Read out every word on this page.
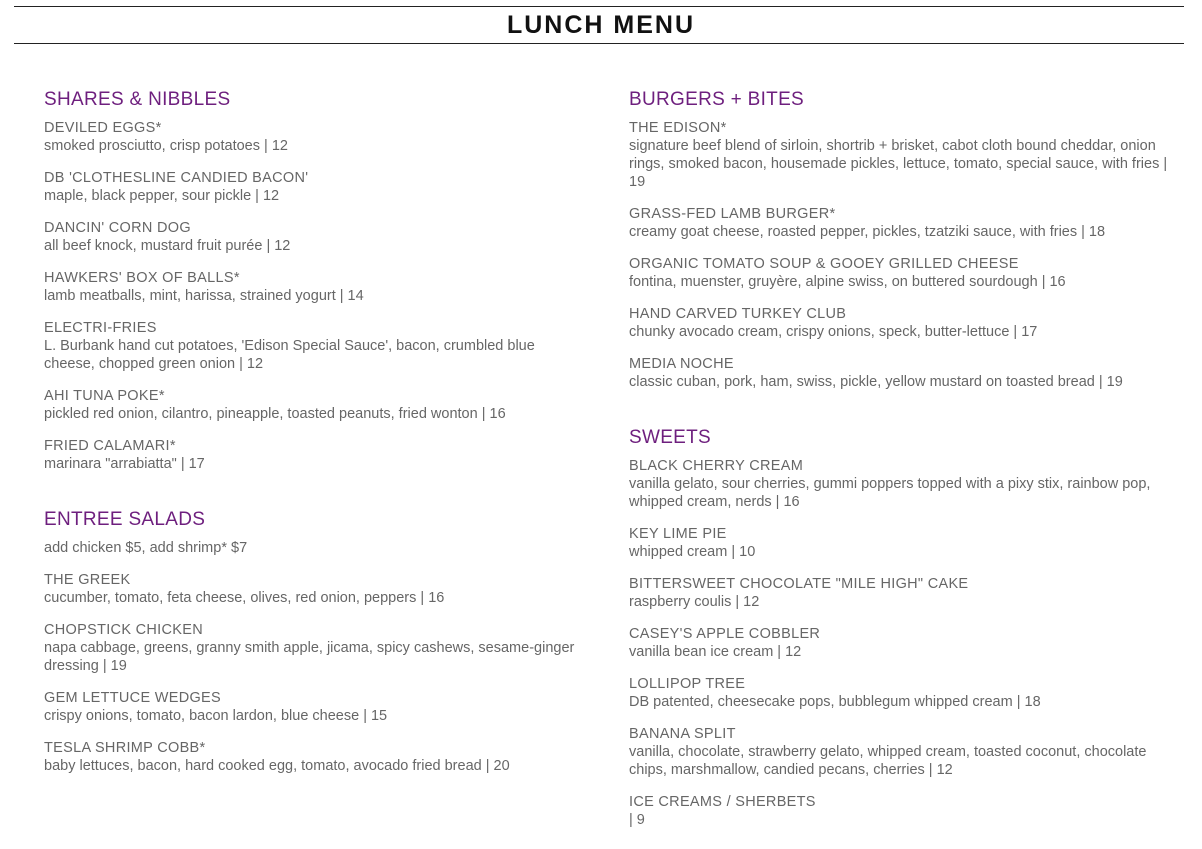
LUNCH MENU
SHARES & NIBBLES
DEVILED EGGS*
smoked prosciutto, crisp potatoes | 12
DB 'CLOTHESLINE CANDIED BACON'
maple, black pepper, sour pickle | 12
DANCIN' CORN DOG
all beef knock, mustard fruit purée | 12
HAWKERS' BOX OF BALLS*
lamb meatballs, mint, harissa, strained yogurt | 14
ELECTRI-FRIES
L. Burbank hand cut potatoes, 'Edison Special Sauce', bacon, crumbled blue cheese, chopped green onion | 12
AHI TUNA POKE*
pickled red onion, cilantro, pineapple, toasted peanuts, fried wonton | 16
FRIED CALAMARI*
marinara "arrabiatta" | 17
ENTREE SALADS
add chicken $5, add shrimp* $7
THE GREEK
cucumber, tomato, feta cheese, olives, red onion, peppers | 16
CHOPSTICK CHICKEN
napa cabbage, greens, granny smith apple, jicama, spicy cashews, sesame-ginger dressing | 19
GEM LETTUCE WEDGES
crispy onions, tomato, bacon lardon, blue cheese | 15
TESLA SHRIMP COBB*
baby lettuces, bacon, hard cooked egg, tomato, avocado fried bread | 20
BURGERS + BITES
THE EDISON*
signature beef blend of sirloin, shortrib + brisket, cabot cloth bound cheddar, onion rings, smoked bacon, housemade pickles, lettuce, tomato, special sauce, with fries | 19
GRASS-FED LAMB BURGER*
creamy goat cheese, roasted pepper, pickles, tzatziki sauce, with fries | 18
ORGANIC TOMATO SOUP & GOOEY GRILLED CHEESE
fontina, muenster, gruyère, alpine swiss, on buttered sourdough | 16
HAND CARVED TURKEY CLUB
chunky avocado cream, crispy onions, speck, butter-lettuce | 17
MEDIA NOCHE
classic cuban, pork, ham, swiss, pickle, yellow mustard on toasted bread | 19
SWEETS
BLACK CHERRY CREAM
vanilla gelato, sour cherries, gummi poppers topped with a pixy stix, rainbow pop, whipped cream, nerds | 16
KEY LIME PIE
whipped cream | 10
BITTERSWEET CHOCOLATE "MILE HIGH" CAKE
raspberry coulis | 12
CASEY'S APPLE COBBLER
vanilla bean ice cream | 12
LOLLIPOP TREE
DB patented, cheesecake pops, bubblegum whipped cream | 18
BANANA SPLIT
vanilla, chocolate, strawberry gelato, whipped cream, toasted coconut, chocolate chips, marshmallow, candied pecans, cherries | 12
ICE CREAMS / SHERBETS
| 9
